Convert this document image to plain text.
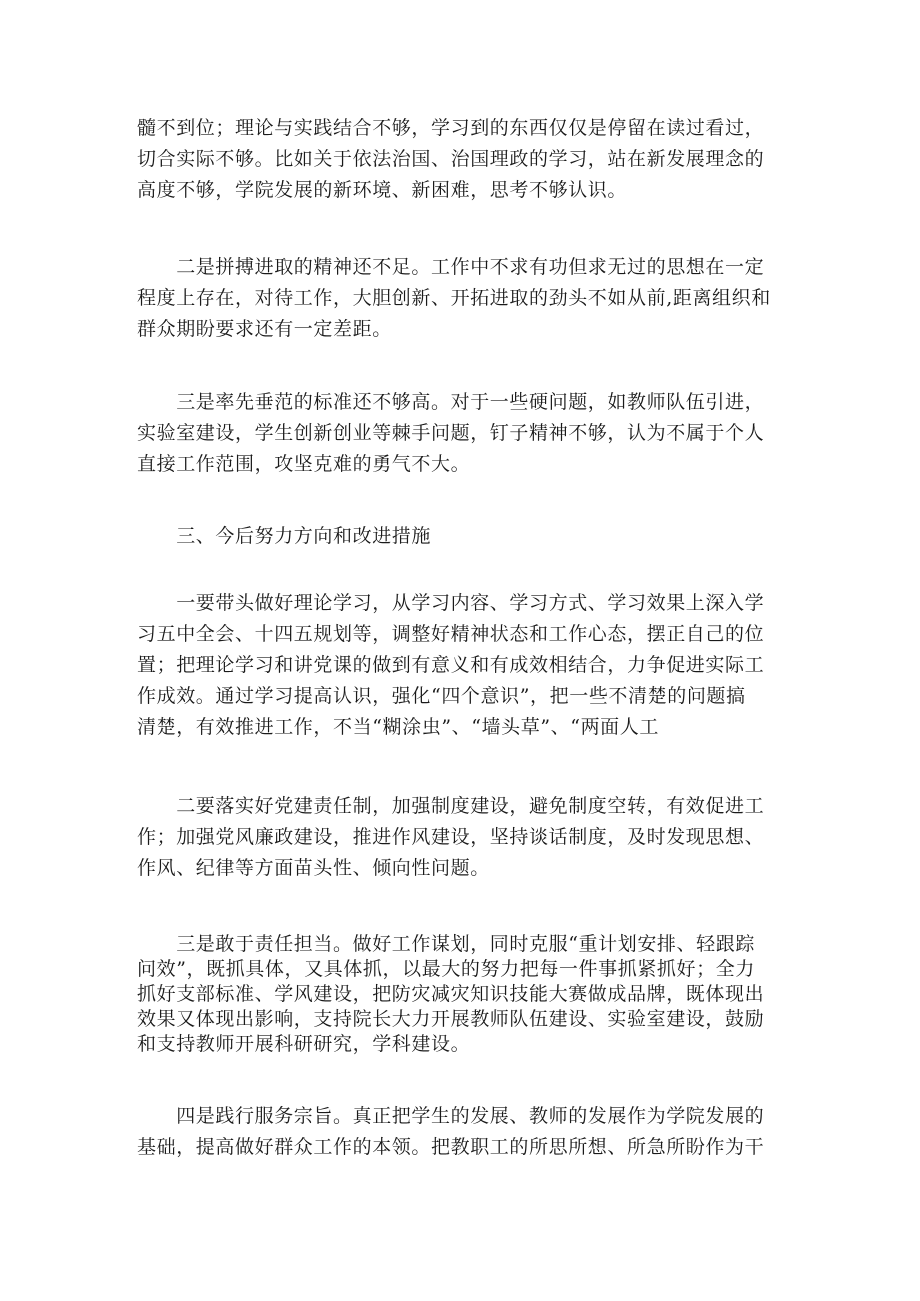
髓不到位；理论与实践结合不够，学习到的东西仅仅是停留在读过看过，
切合实际不够。比如关于依法治国、治国理政的学习，站在新发展理念的
高度不够，学院发展的新环境、新困难，思考不够认识。

　　二是拼搏进取的精神还不足。工作中不求有功但求无过的思想在一定
程度上存在，对待工作，大胆创新、开拓进取的劲头不如从前,距离组织和
群众期盼要求还有一定差距。

　　三是率先垂范的标准还不够高。对于一些硬问题，如教师队伍引进，
实验室建设，学生创新创业等棘手问题，钉子精神不够，认为不属于个人
直接工作范围，攻坚克难的勇气不大。

　　三、今后努力方向和改进措施

　　一要带头做好理论学习，从学习内容、学习方式、学习效果上深入学
习五中全会、十四五规划等，调整好精神状态和工作心态，摆正自己的位
置；把理论学习和讲党课的做到有意义和有成效相结合，力争促进实际工
作成效。通过学习提高认识，强化“四个意识”，把一些不清楚的问题搞
清楚，有效推进工作，不当“糊涂虫”、“墙头草”、“两面人工

　　二要落实好党建责任制，加强制度建设，避免制度空转，有效促进工
作；加强党风廉政建设，推进作风建设，坚持谈话制度，及时发现思想、
作风、纪律等方面苗头性、倾向性问题。

　　三是敢于责任担当。做好工作谋划，同时克服“重计划安排、轻跟踪
问效”，既抓具体，又具体抓，以最大的努力把每一件事抓紧抓好；全力
抓好支部标准、学风建设，把防灾减灾知识技能大赛做成品牌，既体现出
效果又体现出影响，支持院长大力开展教师队伍建设、实验室建设，鼓励
和支持教师开展科研研究，学科建设。

　　四是践行服务宗旨。真正把学生的发展、教师的发展作为学院发展的
基础，提高做好群众工作的本领。把教职工的所思所想、所急所盼作为干
